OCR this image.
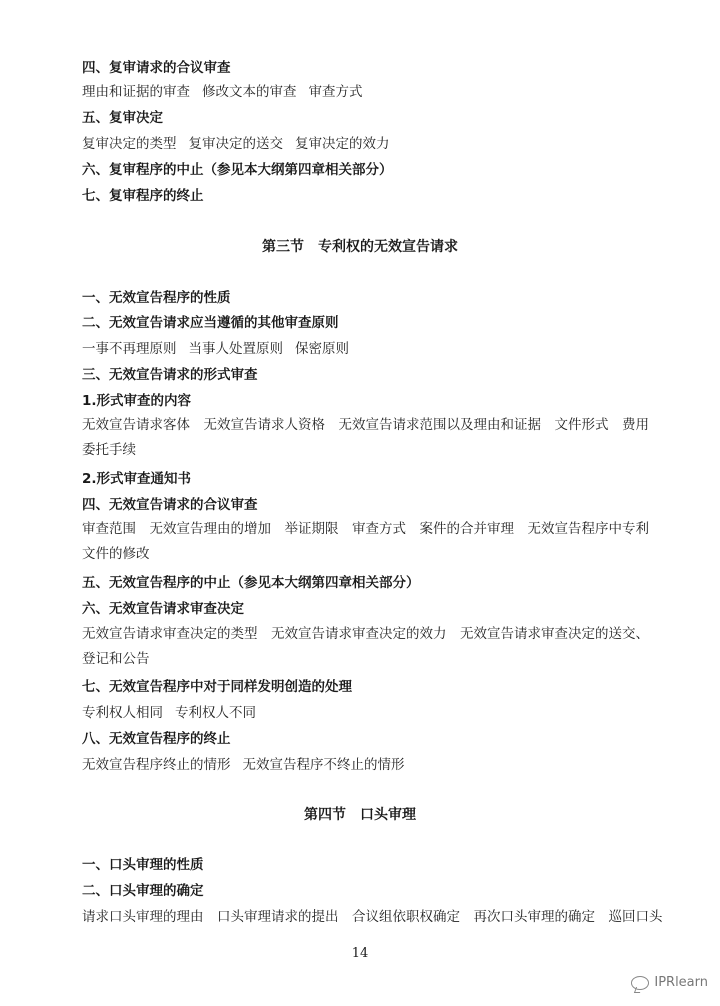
四、复审请求的合议审查
理由和证据的审查 修改文本的审查 审查方式
五、复审决定
复审决定的类型 复审决定的送交 复审决定的效力
六、复审程序的中止（参见本大纲第四章相关部分）
七、复审程序的终止
第三节　专利权的无效宣告请求
一、无效宣告程序的性质
二、无效宣告请求应当遵循的其他审查原则
一事不再理原则 当事人处置原则 保密原则
三、无效宣告请求的形式审查
1.形式审查的内容
无效宣告请求客体　无效宣告请求人资格　无效宣告请求范围以及理由和证据　文件形式　费用委托手续
2.形式审查通知书
四、无效宣告请求的合议审查
审查范围　无效宣告理由的增加　举证期限　审查方式　案件的合并审理　无效宣告程序中专利文件的修改
五、无效宣告程序的中止（参见本大纲第四章相关部分）
六、无效宣告请求审查决定
无效宣告请求审查决定的类型　无效宣告请求审查决定的效力　无效宣告请求审查决定的送交、登记和公告
七、无效宣告程序中对于同样发明创造的处理
专利权人相同 专利权人不同
八、无效宣告程序的终止
无效宣告程序终止的情形 无效宣告程序不终止的情形
第四节　口头审理
一、口头审理的性质
二、口头审理的确定
请求口头审理的理由　口头审理请求的提出　合议组依职权确定　再次口头审理的确定　巡回口头
14
IPRlearn
